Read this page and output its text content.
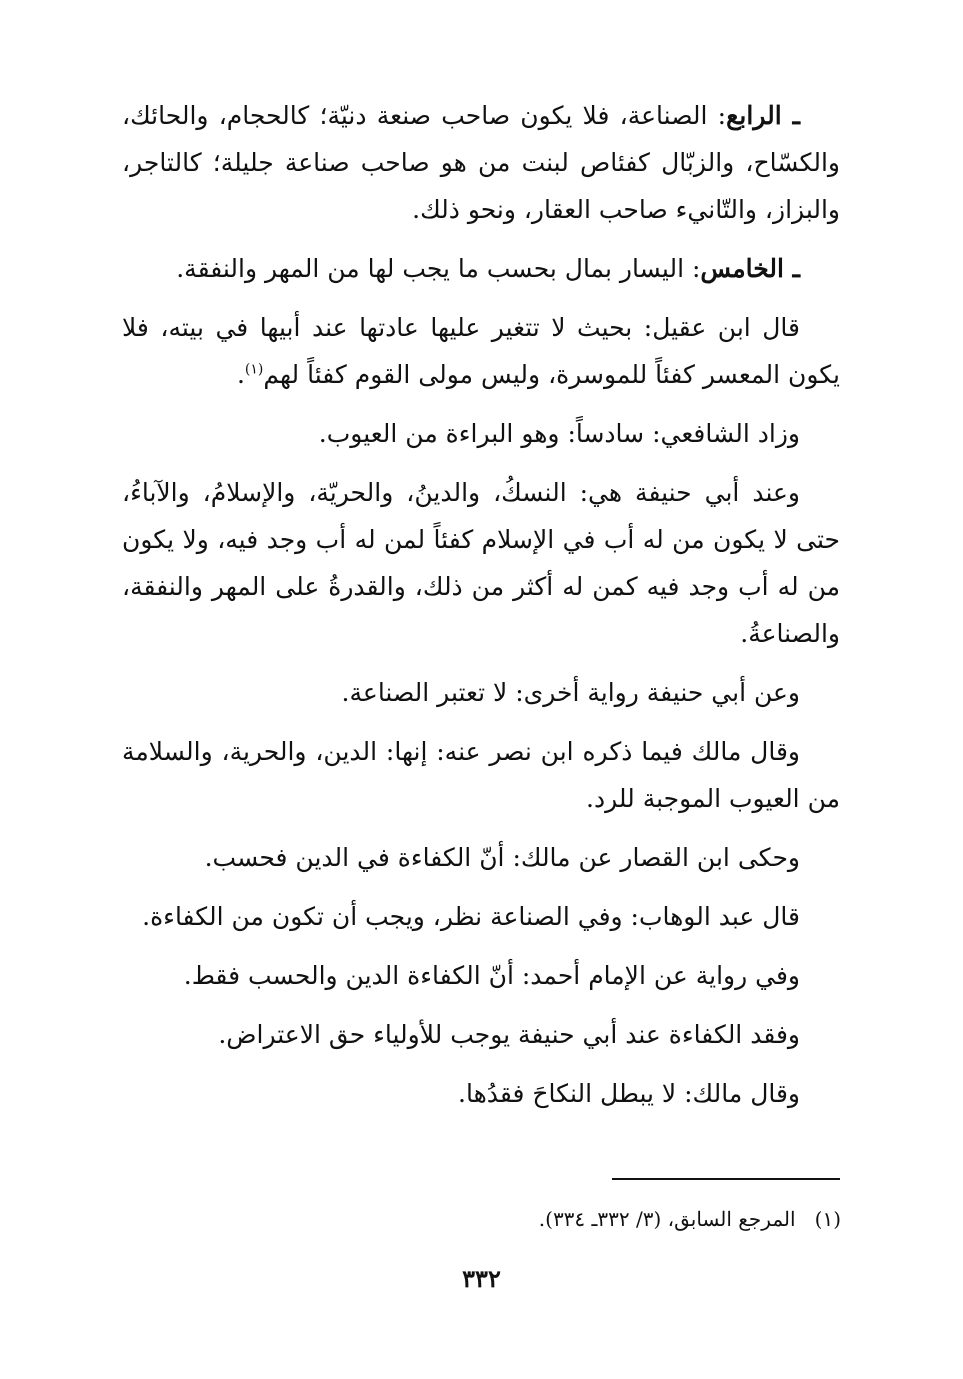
ـ الرابع: الصناعة، فلا يكون صاحب صنعة دنيّة؛ كالحجام، والحائك، والكسّاح، والزبّال كفئاص لبنت من هو صاحب صناعة جليلة؛ كالتاجر، والبزاز، والتّانيء صاحب العقار، ونحو ذلك.

ـ الخامس: اليسار بمال بحسب ما يجب لها من المهر والنفقة.

قال ابن عقيل: بحيث لا تتغير عليها عادتها عند أبيها في بيته، فلا يكون المعسر كفئاً للموسرة، وليس مولى القوم كفئاً لهم$^{(١)}$.

وزاد الشافعي: سادساً: وهو البراءة من العيوب.

وعند أبي حنيفة هي: النسكُ، والدينُ، والحريّة، والإسلامُ، والآباءُ، حتى لا يكون من له أب في الإسلام كفئاً لمن له أب وجد فيه، ولا يكون من له أب وجد فيه كمن له أكثر من ذلك، والقدرةُ على المهر والنفقة، والصناعةُ.

وعن أبي حنيفة رواية أخرى: لا تعتبر الصناعة.

وقال مالك فيما ذكره ابن نصر عنه: إنها: الدين، والحرية، والسلامة من العيوب الموجبة للرد.

وحكى ابن القصار عن مالك: أنّ الكفاءة في الدين فحسب.

قال عبد الوهاب: وفي الصناعة نظر، ويجب أن تكون من الكفاءة.

وفي رواية عن الإمام أحمد: أنّ الكفاءة الدين والحسب فقط.

وفقد الكفاءة عند أبي حنيفة يوجب للأولياء حق الاعتراض.

وقال مالك: لا يبطل النكاحَ فقدُها.

(١)   المرجع السابق، (٣/ ٣٣٢ـ ٣٣٤).
٣٣٢
